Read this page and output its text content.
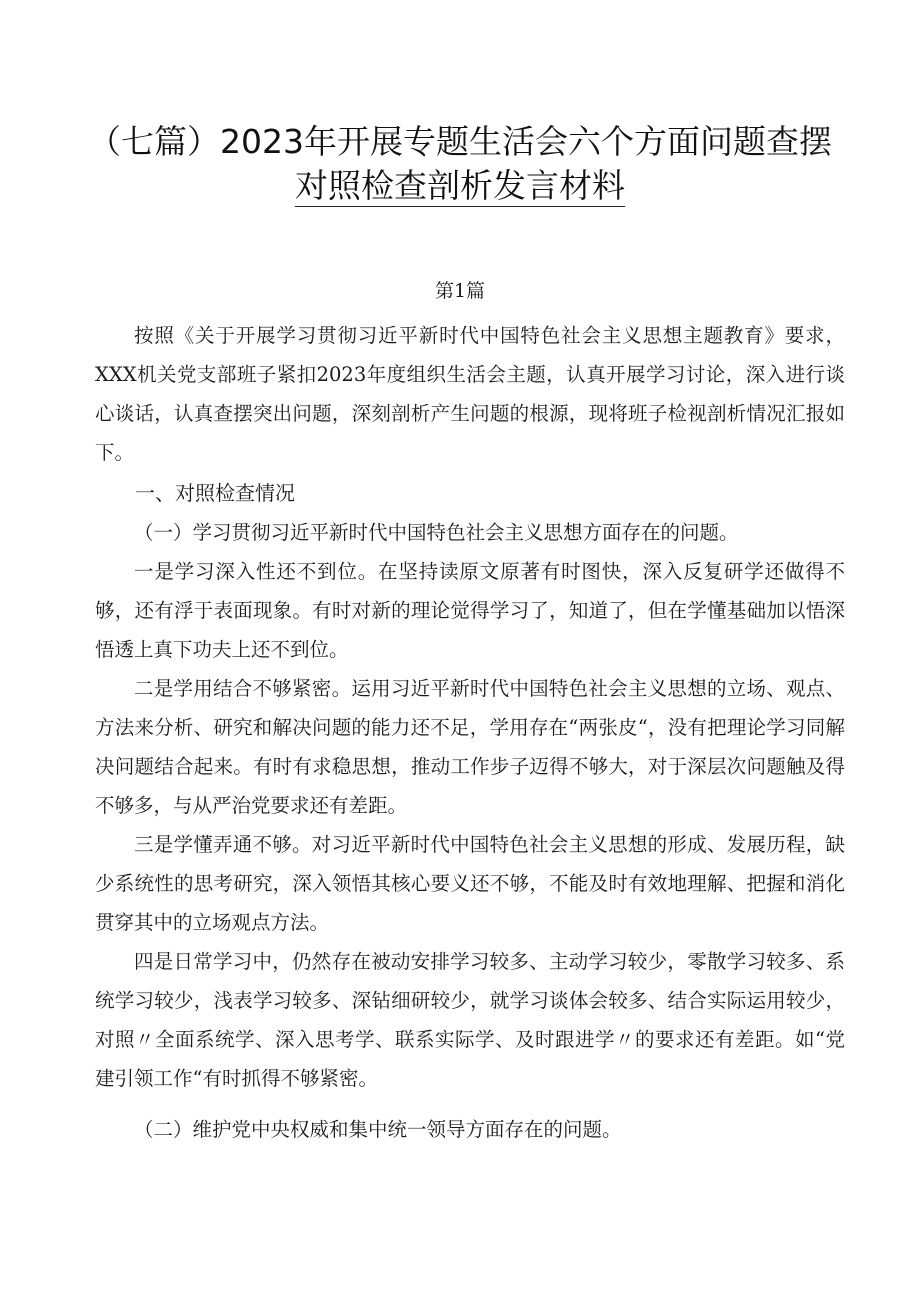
（七篇）2023年开展专题生活会六个方面问题查摆
对照检查剖析发言材料
第1篇

按照《关于开展学习贯彻习近平新时代中国特色社会主义思想主题教育》要求，XXX机关党支部班子紧扣2023年度组织生活会主题，认真开展学习讨论，深入进行谈心谈话，认真查摆突出问题，深刻剖析产生问题的根源，现将班子检视剖析情况汇报如下。

一、对照检查情况

（一）学习贯彻习近平新时代中国特色社会主义思想方面存在的问题。

一是学习深入性还不到位。在坚持读原文原著有时图快，深入反复研学还做得不够，还有浮于表面现象。有时对新的理论觉得学习了，知道了，但在学懂基础加以悟深悟透上真下功夫上还不到位。

二是学用结合不够紧密。运用习近平新时代中国特色社会主义思想的立场、观点、方法来分析、研究和解决问题的能力还不足，学用存在“两张皮“，没有把理论学习同解决问题结合起来。有时有求稳思想，推动工作步子迈得不够大，对于深层次问题触及得不够多，与从严治党要求还有差距。

三是学懂弄通不够。对习近平新时代中国特色社会主义思想的形成、发展历程，缺少系统性的思考研究，深入领悟其核心要义还不够，不能及时有效地理解、把握和消化贯穿其中的立场观点方法。

四是日常学习中，仍然存在被动安排学习较多、主动学习较少，零散学习较多、系统学习较少，浅表学习较多、深钻细研较少，就学习谈体会较多、结合实际运用较少，对照〃全面系统学、深入思考学、联系实际学、及时跟进学〃的要求还有差距。如“党建引领工作“有时抓得不够紧密。

（二）维护党中央权威和集中统一领导方面存在的问题。
